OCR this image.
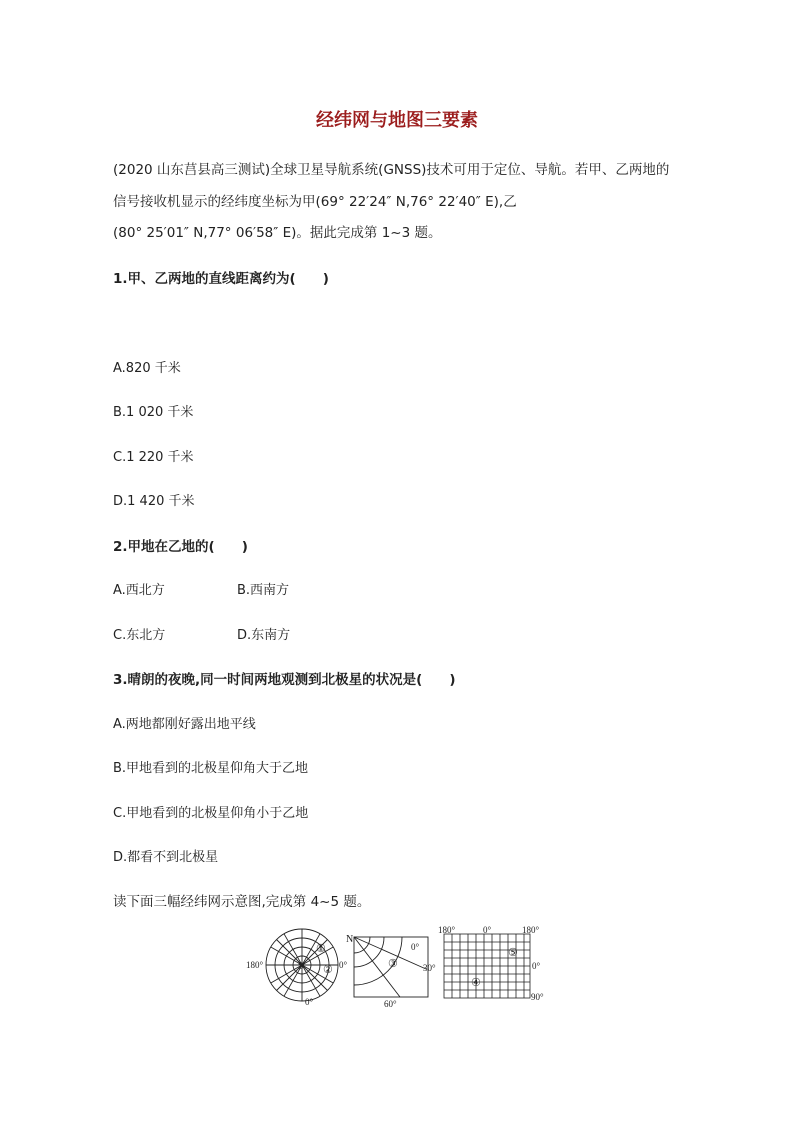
经纬网与地图三要素
(2020 山东莒县高三测试)全球卫星导航系统(GNSS)技术可用于定位、导航。若甲、乙两地的
信号接收机显示的经纬度坐标为甲(69° 22′24″ N,76° 22′40″ E),乙
(80° 25′01″ N,77° 06′58″ E)。据此完成第 1~3 题。
1.甲、乙两地的直线距离约为(　　)
A.820 千米
B.1 020 千米
C.1 220 千米
D.1 420 千米
2.甲地在乙地的(　　)
A.西北方	B.西南方
C.东北方	D.东南方
3.晴朗的夜晚,同一时间两地观测到北极星的状况是(　　)
A.两地都刚好露出地平线
B.甲地看到的北极星仰角大于乙地
C.甲地看到的北极星仰角小于乙地
D.都看不到北极星
读下面三幅经纬网示意图,完成第 4~5 题。
180°	0°
0°
S
①
②
N
0°
30°
60°
③
180°	0°	180°
0°
90°
⑤
④
